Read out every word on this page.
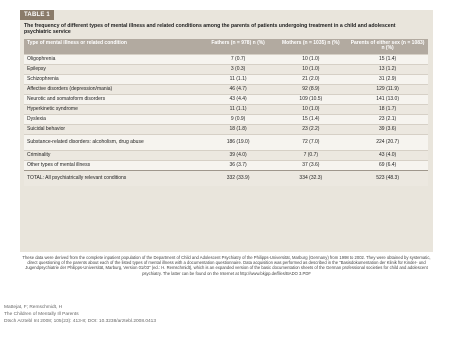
TABLE 1
The frequency of different types of mental illness and related conditions among the parents of patients undergoing treatment in a child and adolescent psychiatric service
Type of mental illness or related condition	Fathers (n = 978) n (%)	Mothers (n = 1035) n (%)	Parents of either sex (n = 1083) n (%)
Oligophrenia	7 (0.7)	10 (1.0)	15 (1.4)
Epilepsy	3 (0.3)	10 (1.0)	13 (1.2)
Schizophrenia	11 (1.1)	21 (2.0)	31 (2.9)
Affective disorders (depression/mania)	46 (4.7)	92 (8.9)	129 (11.9)
Neurotic and somatoform disorders	43 (4.4)	109 (10.5)	141 (13.0)
Hyperkinetic syndrome	11 (1.1)	10 (1.0)	18 (1.7)
Dyslexia	9 (0.9)	15 (1.4)	23 (2.1)
Suicidal behavior	18 (1.8)	23 (2.2)	39 (3.6)
Substance-related disorders: alcoholism, drug abuse	186 (19.0)	72 (7.0)	224 (20.7)
Criminality	39 (4.0)	7 (0.7)	43 (4.0)
Other types of mental illness	36 (3.7)	37 (3.6)	69 (6.4)
TOTAL: All psychiatrically relevant conditions	332 (33.9)	334 (32.3)	523 (48.3)
These data were derived from the complete inpatient population of the Department of Child and Adolescent Psychiatry of the Philipps-Universität, Marburg (Germany) from 1998 to 2002. They were obtained by systematic, direct questioning of the parents about each of the listed types of mental illness with a documentation questionnaire. Data acquisition was performed as described in the "Basisdokumentation der Klinik für Kinder- und Jugendpsychiatrie der Philipps-Universität, Marburg, Version 01/03" (ed.: H. Remschmidt), which is an expanded version of the basic documentation sheets of the German professional societies for child and adolescent psychiatry. The latter can be found on the Internet at http://www.bkjpp.de/files/BADO 3.PDF
Mattejat, F; Remschmidt, H
The Children of Mentally Ill Parents
Dtsch Arztebl Int 2008; 105(23): 413-8; DOI: 10.3238/arztebl.2008.0413
